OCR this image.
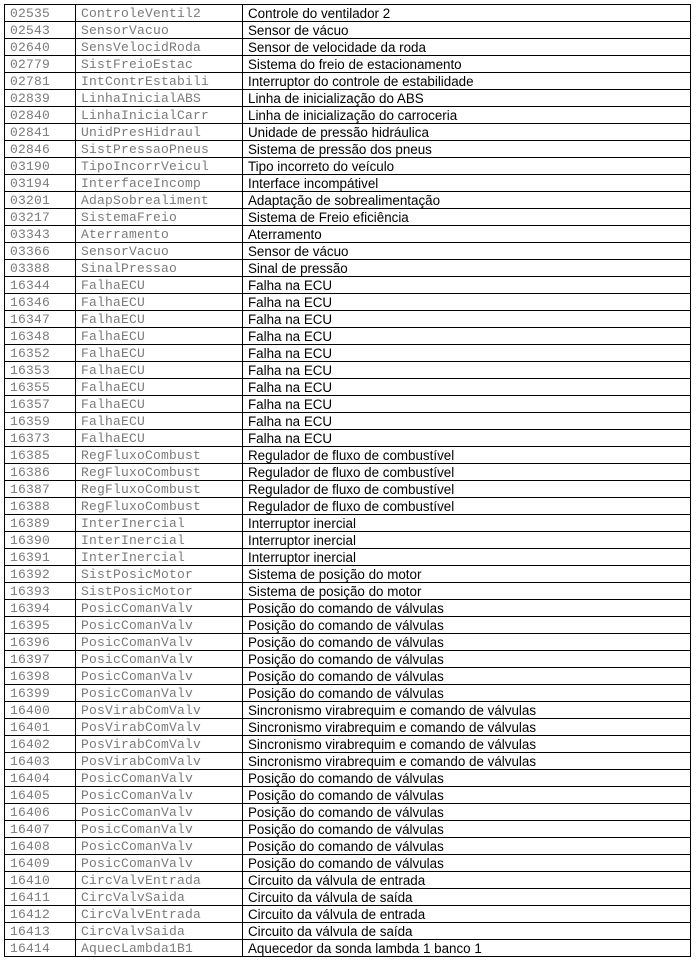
02535	ControleVentil2	Controle do ventilador 2
02543	SensorVacuo	Sensor de vácuo
02640	SensVelocidRoda	Sensor de velocidade da roda
02779	SistFreioEstac	Sistema do freio de estacionamento
02781	IntContrEstabili	Interruptor do controle de estabilidade
02839	LinhaInicialABS	Linha de inicialização do ABS
02840	LinhaInicialCarr	Linha de inicialização do carroceria
02841	UnidPresHidraul	Unidade de pressão hidráulica
02846	SistPressaoPneus	Sistema de pressão dos pneus
03190	TipoIncorrVeicul	Tipo incorreto do veículo
03194	InterfaceIncomp	Interface incompátivel
03201	AdapSobrealiment	Adaptação de sobrealimentação
03217	SistemaFreio	Sistema de Freio eficiência
03343	Aterramento	Aterramento
03366	SensorVacuo	Sensor de vácuo
03388	SinalPressao	Sinal de pressão
16344	FalhaECU	Falha na ECU
16346	FalhaECU	Falha na ECU
16347	FalhaECU	Falha na ECU
16348	FalhaECU	Falha na ECU
16352	FalhaECU	Falha na ECU
16353	FalhaECU	Falha na ECU
16355	FalhaECU	Falha na ECU
16357	FalhaECU	Falha na ECU
16359	FalhaECU	Falha na ECU
16373	FalhaECU	Falha na ECU
16385	RegFluxoCombust	Regulador de fluxo de combustível
16386	RegFluxoCombust	Regulador de fluxo de combustível
16387	RegFluxoCombust	Regulador de fluxo de combustível
16388	RegFluxoCombust	Regulador de fluxo de combustível
16389	InterInercial	Interruptor inercial
16390	InterInercial	Interruptor inercial
16391	InterInercial	Interruptor inercial
16392	SistPosicMotor	Sistema de posição do motor
16393	SistPosicMotor	Sistema de posição do motor
16394	PosicComanValv	Posição do comando de válvulas
16395	PosicComanValv	Posição do comando de válvulas
16396	PosicComanValv	Posição do comando de válvulas
16397	PosicComanValv	Posição do comando de válvulas
16398	PosicComanValv	Posição do comando de válvulas
16399	PosicComanValv	Posição do comando de válvulas
16400	PosVirabComValv	Sincronismo virabrequim e comando de válvulas
16401	PosVirabComValv	Sincronismo virabrequim e comando de válvulas
16402	PosVirabComValv	Sincronismo virabrequim e comando de válvulas
16403	PosVirabComValv	Sincronismo virabrequim e comando de válvulas
16404	PosicComanValv	Posição do comando de válvulas
16405	PosicComanValv	Posição do comando de válvulas
16406	PosicComanValv	Posição do comando de válvulas
16407	PosicComanValv	Posição do comando de válvulas
16408	PosicComanValv	Posição do comando de válvulas
16409	PosicComanValv	Posição do comando de válvulas
16410	CircValvEntrada	Circuito da válvula de entrada
16411	CircValvSaida	Circuito da válvula de saída
16412	CircValvEntrada	Circuito da válvula de entrada
16413	CircValvSaida	Circuito da válvula de saída
16414	AquecLambda1B1	Aquecedor da sonda lambda 1 banco 1
